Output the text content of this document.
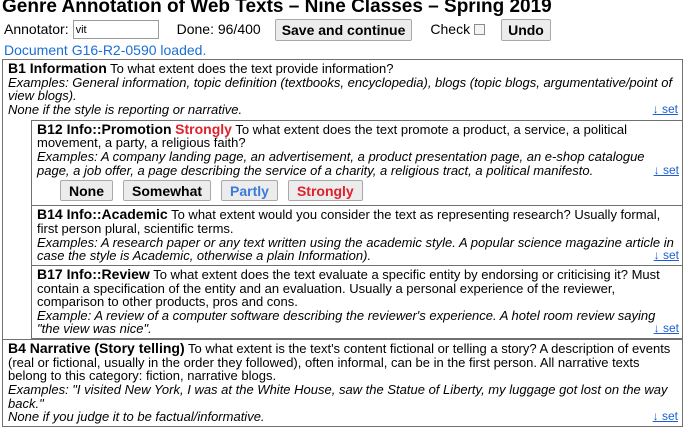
Genre Annotation of Web Texts – Nine Classes – Spring 2019
Annotator:
vit	Done: 96/400	Save and continue	Check	Undo
Document G16-R2-0590 loaded.
B1 Information To what extent does the text provide information?
Examples: General information, topic definition (textbooks, encyclopedia), blogs (topic blogs, argumentative/point of view blogs).
None if the style is reporting or narrative.	↓ set
B12 Info::Promotion Strongly To what extent does the text promote a product, a service, a political movement, a party, a religious faith?
Examples: A company landing page, an advertisement, a product presentation page, an e-shop catalogue page, a job offer, a page describing the service of a charity, a religious tract, a political manifesto.	↓ set
None	Somewhat	Partly	Strongly
B14 Info::Academic To what extent would you consider the text as representing research? Usually formal, first person plural, scientific terms.
Examples: A research paper or any text written using the academic style. A popular science magazine article in case the style is Academic, otherwise a plain Information).	↓ set
B17 Info::Review To what extent does the text evaluate a specific entity by endorsing or criticising it? Must contain a specification of the entity and an evaluation. Usually a personal experience of the reviewer, comparison to other products, pros and cons.
Example: A review of a computer software describing the reviewer's experience. A hotel room review saying "the view was nice".	↓ set
B4 Narrative (Story telling) To what extent is the text's content fictional or telling a story? A description of events (real or fictional, usually in the order they followed), often informal, can be in the first person. All narrative texts belong to this category: fiction, narrative blogs.
Examples: "I visited New York, I was at the White House, saw the Statue of Liberty, my luggage got lost on the way back."
None if you judge it to be factual/informative.	↓ set
